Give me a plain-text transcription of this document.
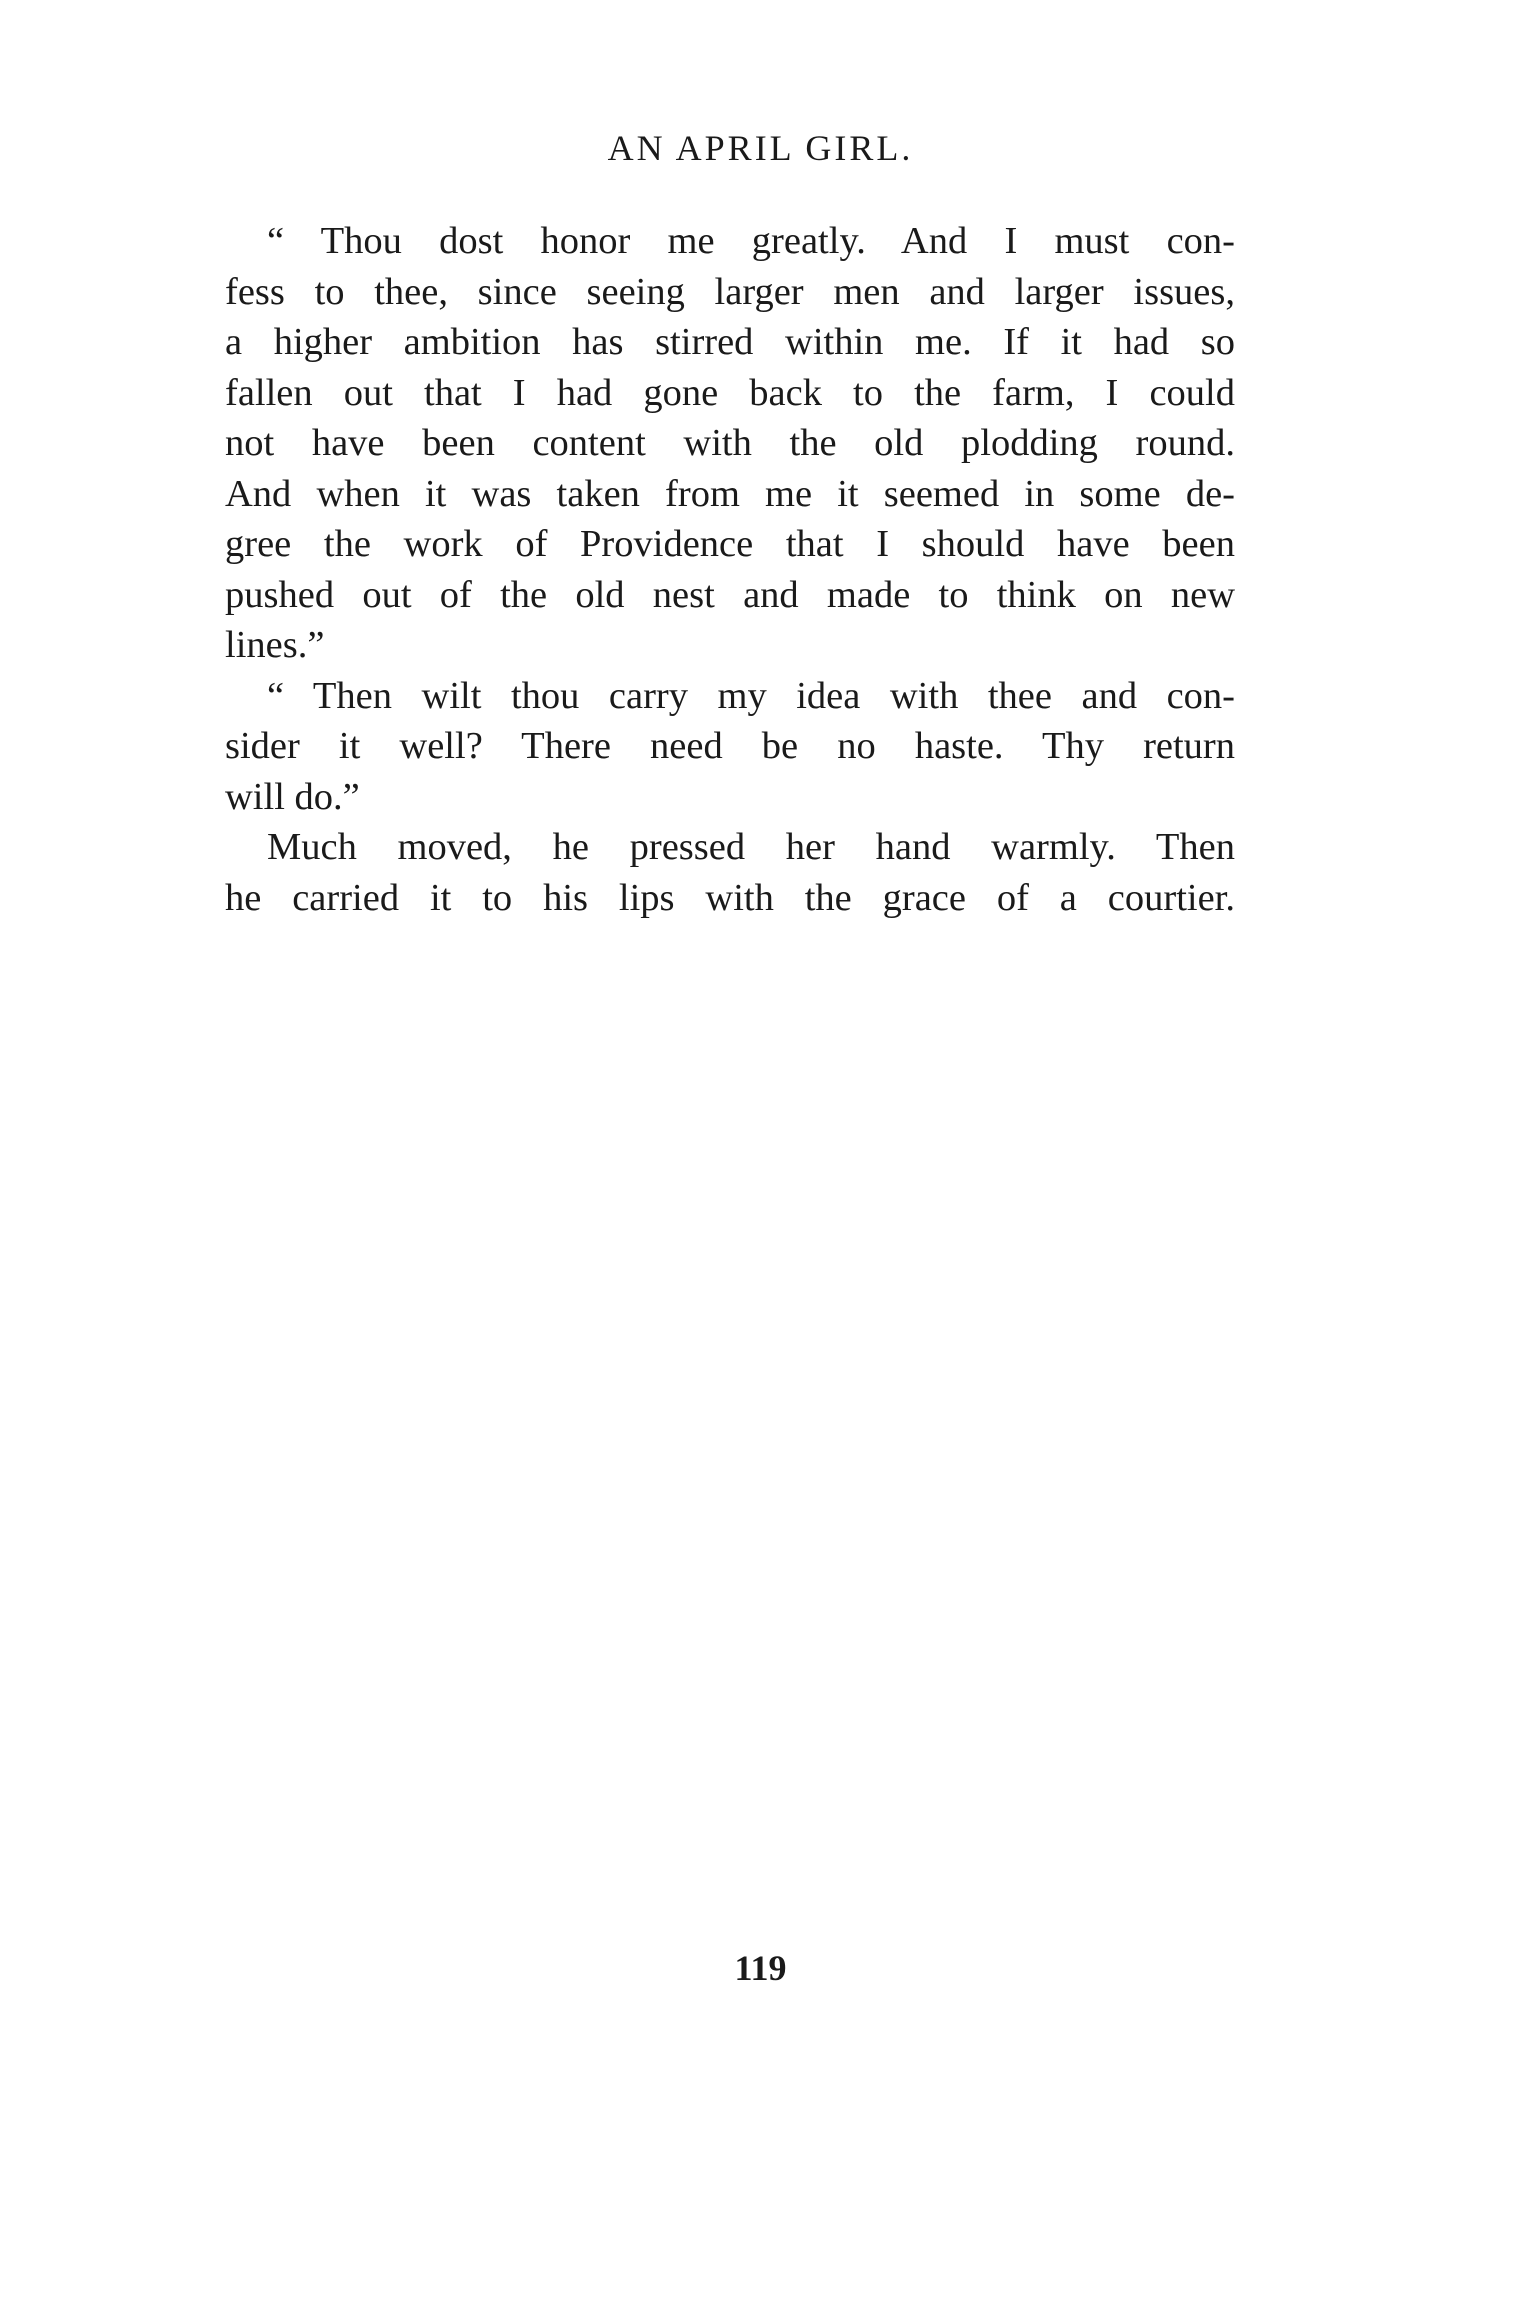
AN APRIL GIRL.
“ Thou dost honor me greatly. And I must con-
fess to thee, since seeing larger men and larger issues,
a higher ambition has stirred within me. If it had so
fallen out that I had gone back to the farm, I could
not have been content with the old plodding round.
And when it was taken from me it seemed in some de-
gree the work of Providence that I should have been
pushed out of the old nest and made to think on new
lines.”
“ Then wilt thou carry my idea with thee and con-
sider it well? There need be no haste. Thy return
will do.”
Much moved, he pressed her hand warmly. Then
he carried it to his lips with the grace of a courtier.
119
